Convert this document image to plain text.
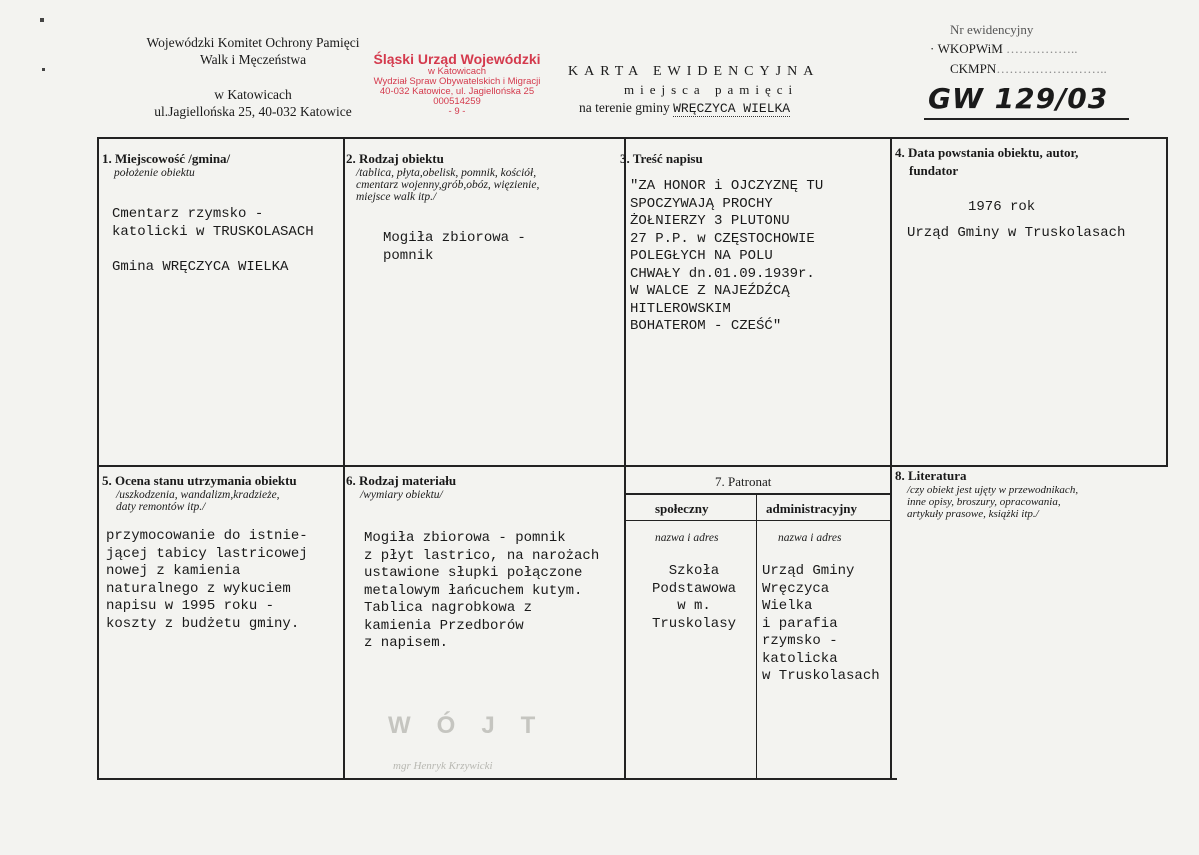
Wojewódzki Komitet Ochrony Pamięci
Walk i Męczeństwa
w Katowicach
ul.Jagiellońska 25, 40-032 Katowice
Śląski Urząd Wojewódzki
w Katowicach
Wydział Spraw Obywatelskich i Migracji
40-032 Katowice, ul. Jagiellońska 25
000514259
- 9 -
KARTA EWIDENCYJNA
miejsca pamięci
na terenie gminy WRĘCZYCA WIELKA
Nr ewidencyjny
· WKOPWiM ……………..
CKMPN……………………..
GW 129/03
1. Miejscowość /gmina/
położenie obiektu
Cmentarz rzymsko -
katolicki w TRUSKOLASACH

Gmina WRĘCZYCA WIELKA
2. Rodzaj obiektu
/tablica, płyta,obelisk, pomnik, kościół,
cmentarz wojenny,grób,obóz, więzienie,
miejsce walk itp./
Mogiła zbiorowa -
pomnik
3. Treść napisu
"ZA HONOR i OJCZYZNĘ TU
SPOCZYWAJĄ PROCHY
ŻOŁNIERZY 3 PLUTONU
27 P.P. w CZĘSTOCHOWIE
POLEGŁYCH NA POLU
CHWAŁY dn.01.09.1939r.
W WALCE Z NAJEŹDŹCĄ
HITLEROWSKIM
BOHATEROM - CZEŚĆ"
4. Data powstania obiektu, autor,
fundator
1976 rok
Urząd Gminy w Truskolasach
5. Ocena stanu utrzymania obiektu
/uszkodzenia, wandalizm,kradzieże,
daty remontów itp./
przymocowanie do istnie-
jącej tabicy lastricowej
nowej z kamienia
naturalnego z wykuciem
napisu w 1995 roku -
koszty z budżetu gminy.
6. Rodzaj materiału
/wymiary obiektu/
Mogiła zbiorowa - pomnik
z płyt lastrico, na narożach
ustawione słupki połączone
metalowym łańcuchem kutym.
Tablica nagrobkowa z
kamienia Przedborów
z napisem.
7. Patronat
społeczny	administracyjny
nazwa i adres	nazwa i adres
Szkoła
Podstawowa
w m.
Truskolasy
Urząd Gminy
Wręczyca
Wielka
i parafia
rzymsko -
katolicka
w Truskolasach
8. Literatura
/czy obiekt jest ujęty w przewodnikach,
inne opisy, broszury, opracowania,
artykuły prasowe, książki itp./
WÓJT
mgr Henryk Krzywicki
